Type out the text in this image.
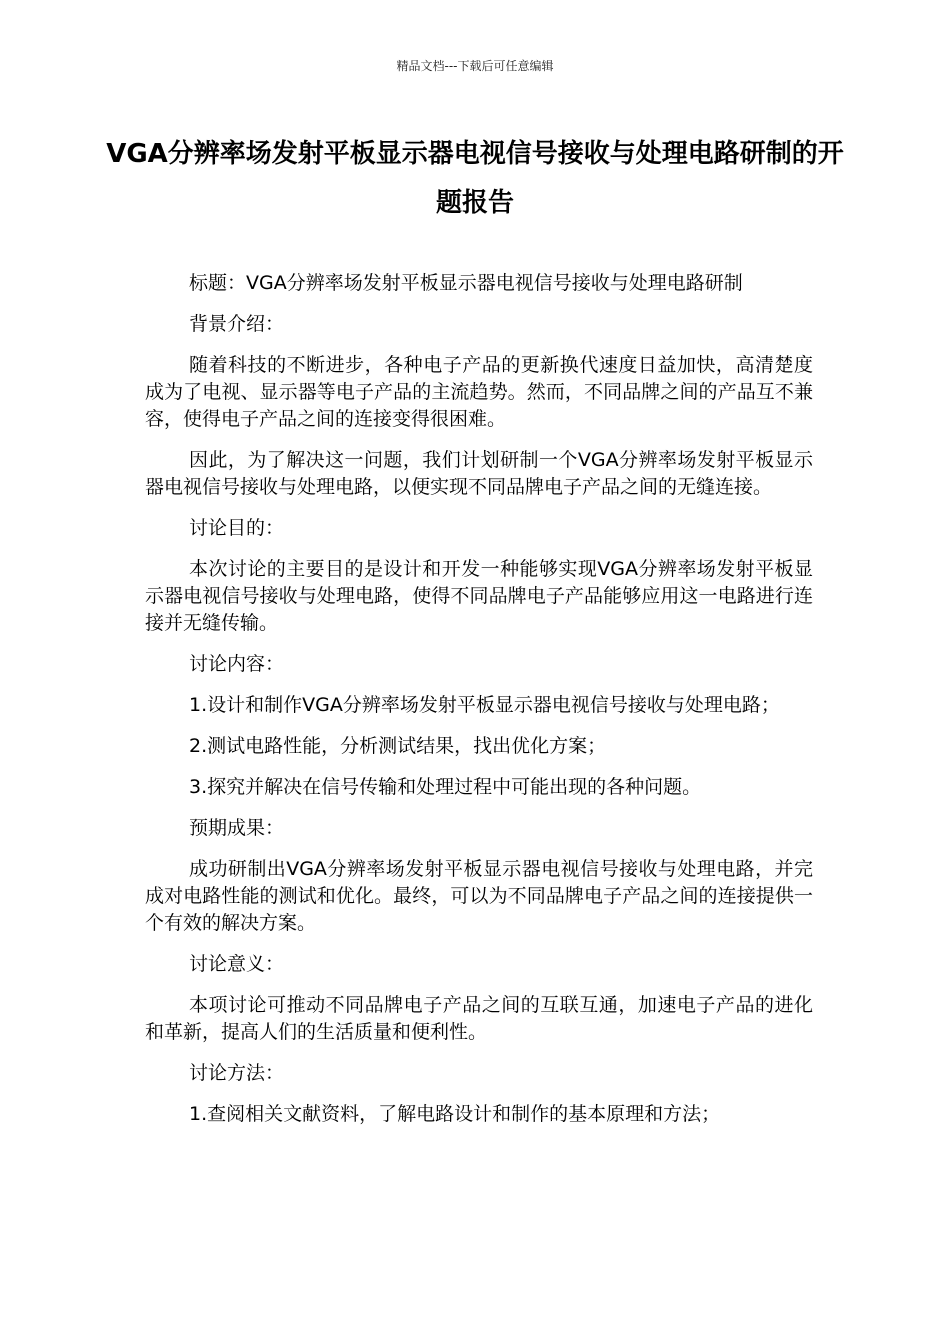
精品文档---下载后可任意编辑
VGA分辨率场发射平板显示器电视信号接收与处理电路研制的开题报告

标题：VGA分辨率场发射平板显示器电视信号接收与处理电路研制

背景介绍：

随着科技的不断进步，各种电子产品的更新换代速度日益加快，高清楚度成为了电视、显示器等电子产品的主流趋势。然而，不同品牌之间的产品互不兼容，使得电子产品之间的连接变得很困难。

因此，为了解决这一问题，我们计划研制一个VGA分辨率场发射平板显示器电视信号接收与处理电路，以便实现不同品牌电子产品之间的无缝连接。

讨论目的：

本次讨论的主要目的是设计和开发一种能够实现VGA分辨率场发射平板显示器电视信号接收与处理电路，使得不同品牌电子产品能够应用这一电路进行连接并无缝传输。

讨论内容：

1.设计和制作VGA分辨率场发射平板显示器电视信号接收与处理电路；

2.测试电路性能，分析测试结果，找出优化方案；

3.探究并解决在信号传输和处理过程中可能出现的各种问题。

预期成果：

成功研制出VGA分辨率场发射平板显示器电视信号接收与处理电路，并完成对电路性能的测试和优化。最终，可以为不同品牌电子产品之间的连接提供一个有效的解决方案。

讨论意义：

本项讨论可推动不同品牌电子产品之间的互联互通，加速电子产品的进化和革新，提高人们的生活质量和便利性。

讨论方法：

1.查阅相关文献资料，了解电路设计和制作的基本原理和方法；
